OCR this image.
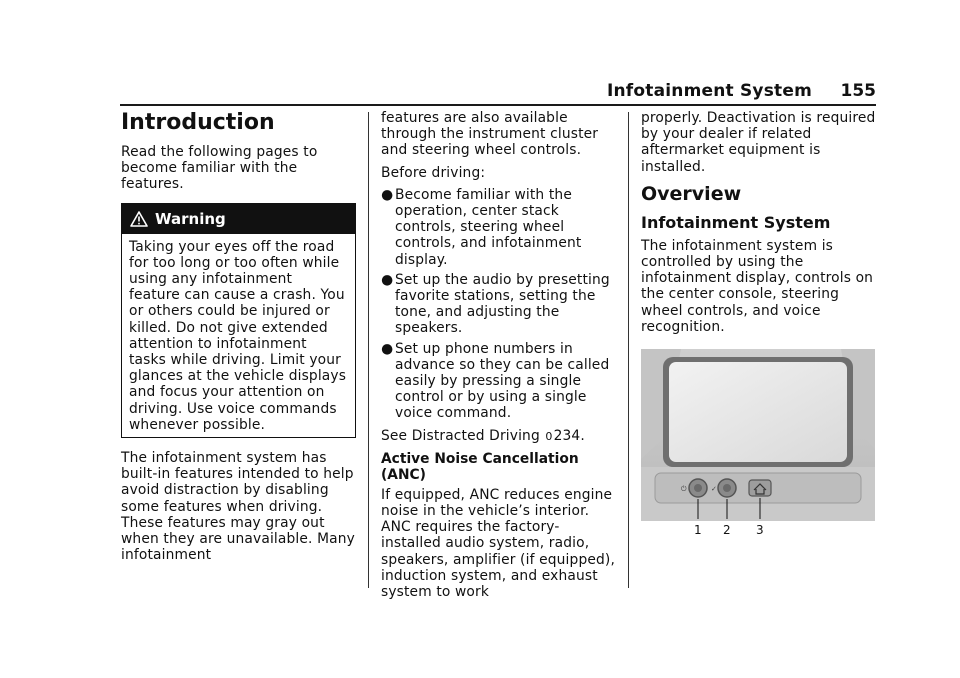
Infotainment System	155
Introduction

Read the following pages to become familiar with the features.

Warning

Taking your eyes off the road for too long or too often while using any infotainment feature can cause a crash. You or others could be injured or killed. Do not give extended attention to infotainment tasks while driving. Limit your glances at the vehicle displays and focus your attention on driving. Use voice commands whenever possible.

The infotainment system has built-in features intended to help avoid distraction by disabling some features when driving. These features may gray out when they are unavailable. Many infotainment

features are also available through the instrument cluster and steering wheel controls.

Before driving:

● Become familiar with the operation, center stack controls, steering wheel controls, and infotainment display.
● Set up the audio by presetting favorite stations, setting the tone, and adjusting the speakers.
● Set up phone numbers in advance so they can be called easily by pressing a single control or by using a single voice command.

See Distracted Driving 0234.

Active Noise Cancellation (ANC)

If equipped, ANC reduces engine noise in the vehicle’s interior. ANC requires the factory-installed audio system, radio, speakers, amplifier (if equipped), induction system, and exhaust system to work

properly. Deactivation is required by your dealer if related aftermarket equipment is installed.

Overview
Infotainment System

The infotainment system is controlled by using the infotainment display, controls on the center console, steering wheel controls, and voice recognition.

⏻	✓
1 2 3
